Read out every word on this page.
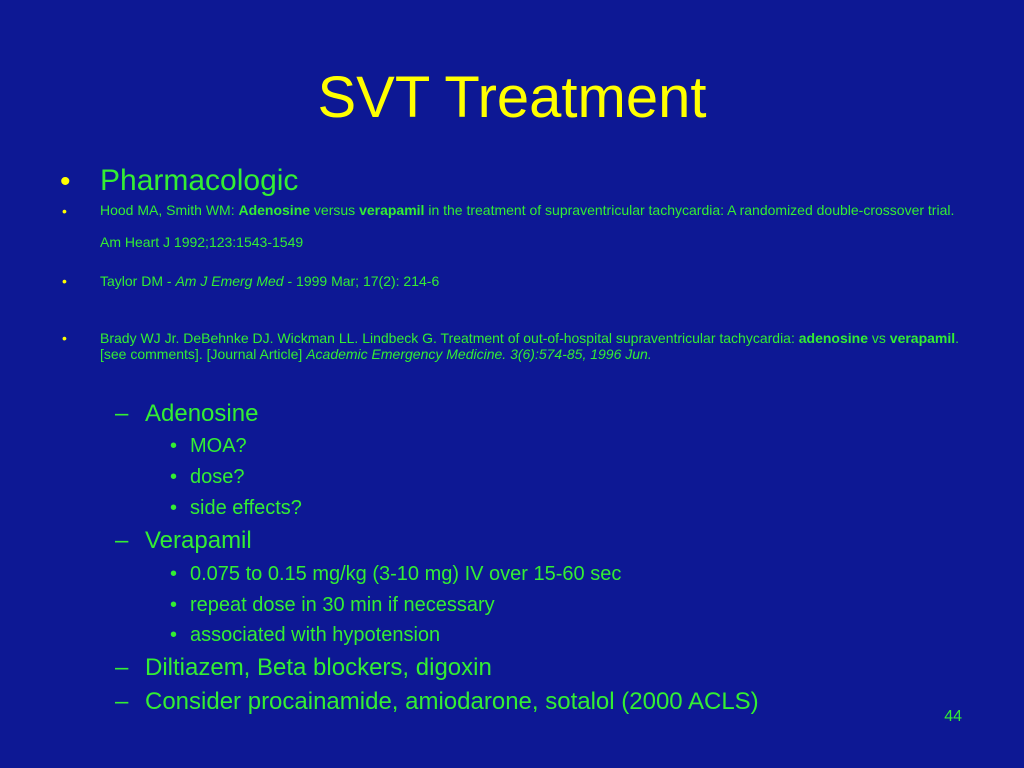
SVT Treatment
• Pharmacologic
• Hood MA, Smith WM: Adenosine versus verapamil in the treatment of supraventricular tachycardia: A randomized double-crossover trial. Am Heart J 1992;123:1543-1549
• Taylor DM - Am J Emerg Med - 1999 Mar; 17(2): 214-6
• Brady WJ Jr. DeBehnke DJ. Wickman LL. Lindbeck G. Treatment of out-of-hospital supraventricular tachycardia: adenosine vs verapamil. [see comments]. [Journal Article] Academic Emergency Medicine. 3(6):574-85, 1996 Jun.
– Adenosine
• MOA?
• dose?
• side effects?
– Verapamil
• 0.075 to 0.15 mg/kg (3-10 mg) IV over 15-60 sec
• repeat dose in 30 min if necessary
• associated with hypotension
– Diltiazem, Beta blockers, digoxin
– Consider procainamide, amiodarone, sotalol (2000 ACLS)
44
